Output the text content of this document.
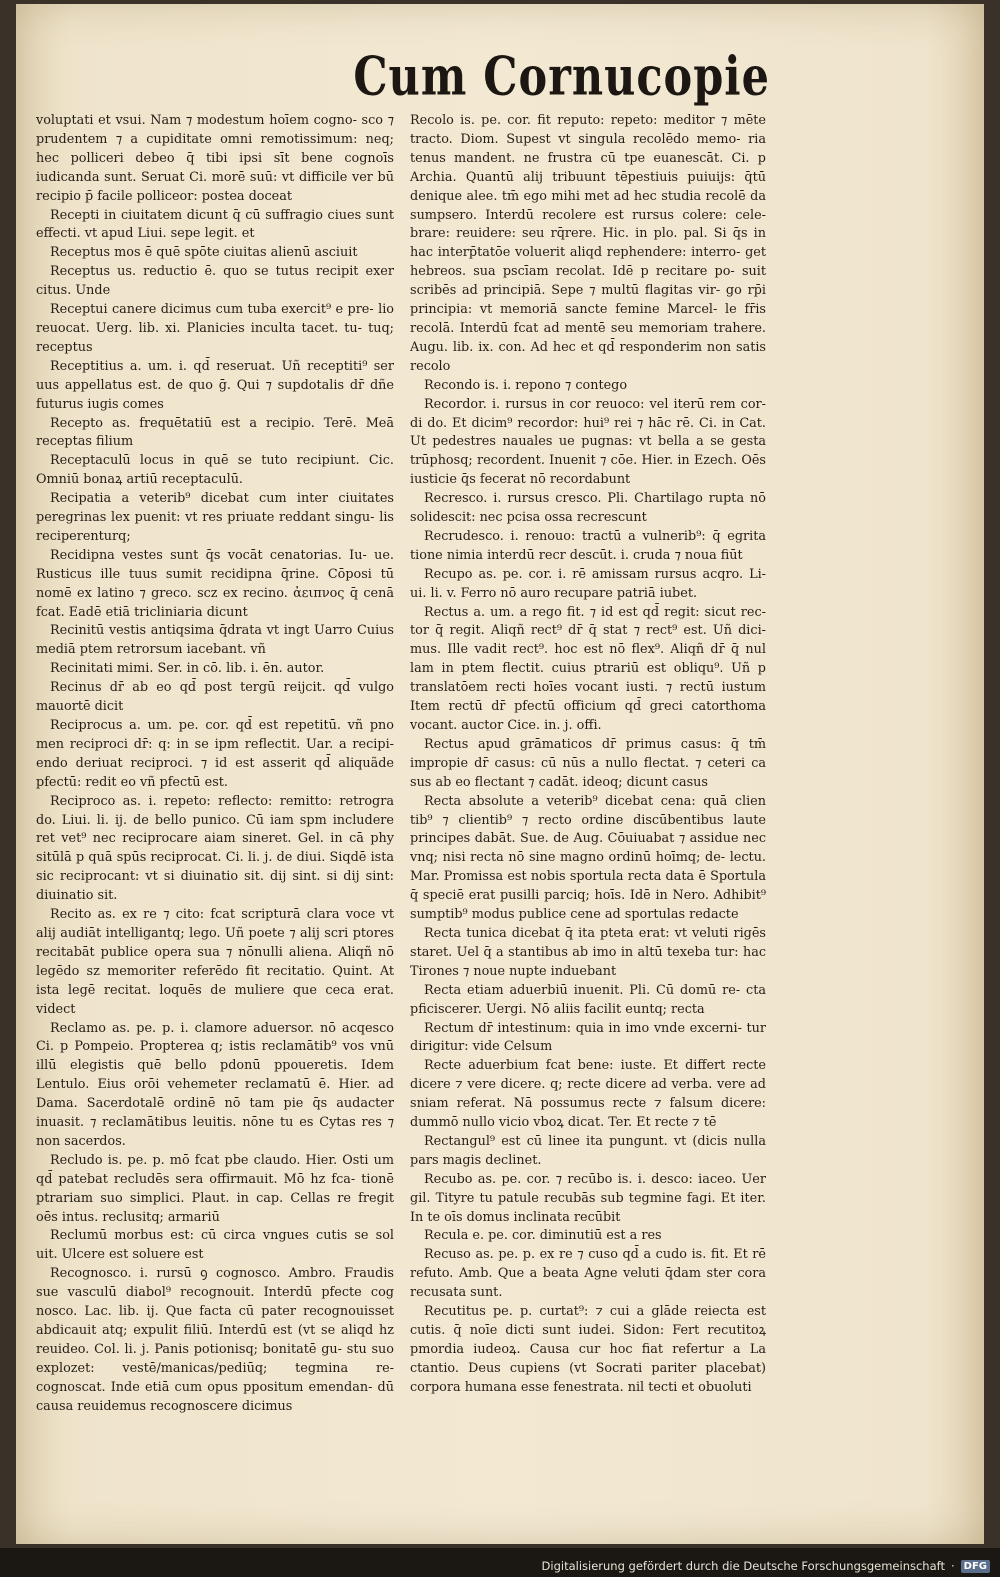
Cum Cornucopie

voluptati et vsui. Nam ⁊ modestum hoīem cogno‑ sco ⁊ prudentem ⁊ a cupiditate omni remotissimum: neq; hec polliceri debeo q̄ tibi ipsi sīt bene cognoīs iudicanda sunt. Seruat Ci. morē suū: vt difficile ver bū recipio p̄ facile polliceor: postea doceat

Recepti in ciuitatem dicunt q̄ cū suffragio ciues sunt effecti. vt apud Liui. sepe legit. et

Receptus mos ē quē spōte ciuitas alienū asciuit

Receptus us. reductio ē. quo se tutus recipit exer citus. Unde

Receptui canere dicimus cum tuba exercit⁹ e pre‑ lio reuocat. Uerg. lib. xi. Planicies inculta tacet. tu‑ tuq; receptus

Receptitius a. um. i. qd̄ reseruat. Uñ receptiti⁹ ser uus appellatus est. de quo ḡ. Qui ⁊ supdotalis dr̄ dñe futurus iugis comes

Recepto as. frequētatiū est a recipio. Terē. Meā receptas filium

Receptaculū locus in quē se tuto recipiunt. Cic. Omniū bonaꝝ artiū receptaculū.

Recipatia a veterib⁹ dicebat cum inter ciuitates peregrinas lex puenit: vt res priuate reddant singu‑ lis reciperenturq;

Recidipna vestes sunt q̄s vocāt cenatorias. Iu‑ ue. Rusticus ille tuus sumit recidipna q̄rine. Cōposi tū nomē ex latino ⁊ greco. scz ex recino. ἀειπνος q̄ cenā fcat. Eadē etiā tricliniaria dicunt

Recinitū vestis antiqsima q̄drata vt ingt Uarro Cuius mediā ptem retrorsum iacebant. vñ

Recinitati mimi. Ser. in cō. lib. i. ēn. autor.

Recinus dr̄ ab eo qd̄ post tergū reijcit. qd̄ vulgo mauortē dicit

Reciprocus a. um. pe. cor. qd̄ est repetitū. vñ pno men reciproci dr̄: q: in se ipm reflectit. Uar. a recipi‑ endo deriuat reciproci. ⁊ id est asserit qd̄ aliquãde pfectū: redit eo vñ pfectū est.

Reciproco as. i. repeto: reflecto: remitto: retrogra do. Liui. li. ij. de bello punico. Cū iam spm includere ret vet⁹ nec reciprocare aiam sineret. Gel. in cā phy sitūlā p quā spūs reciprocat. Ci. li. j. de diui. Siqdē ista sic reciprocant: vt si diuinatio sit. dij sint. si dij sint: diuinatio sit.

Recito as. ex re ⁊ cito: fcat scripturā clara voce vt alij audiāt intelligantq; lego. Uñ poete ⁊ alij scri ptores recitabāt publice opera sua ⁊ nōnulli aliena. Aliqñ nō legēdo sz memoriter referēdo fit recitatio. Quint. At ista legē recitat. loquēs de muliere que ceca erat. videct

Reclamo as. pe. p. i. clamore aduersor. nō acqesco Ci. p Pompeio. Propterea q; istis reclamātib⁹ vos vnū illū elegistis quē bello pdonū ppoueretis. Idem Lentulo. Eius orōi vehemeter reclamatū ē. Hier. ad Dama. Sacerdotalē ordinē nō tam pie q̄s audacter inuasit. ⁊ reclamātibus leuitis. nōne tu es Cytas res ⁊ non sacerdos.

Recludo is. pe. p. mō fcat pbe claudo. Hier. Osti um qd̄ patebat recludēs sera offirmauit. Mō hz fca‑ tionē ptrariam suo simplici. Plaut. in cap. Cellas re fregit oēs intus. reclusitq; armariū

Reclumū morbus est: cū circa vngues cutis se sol uit. Ulcere est soluere est

Recognosco. i. rursū ꝯ cognosco. Ambro. Fraudis sue vasculū diabol⁹ recognouit. Interdū pfecte cog nosco. Lac. lib. ij. Que facta cū pater recognouisset abdicauit atq; expulit filiū. Interdū est (vt se aliqd hz reuideo. Col. li. j. Panis potionisq; bonitatē gu‑ stu suo explozet: vestē/manicas/pediūq; tegmina re‑ cognoscat. Inde etiā cum opus ppositum emendan‑ dū causa reuidemus recognoscere dicimus

Recolo is. pe. cor. fit reputo: repeto: meditor ⁊ mēte tracto. Diom. Supest vt singula recolēdo memo‑ ria tenus mandent. ne frustra cū tpe euanescāt. Ci. p Archia. Quantū alij tribuunt tēpestiuis puiuijs: q̄tū denique alee. tm̄ ego mihi met ad hec studia recolē da sumpsero. Interdū recolere est rursus colere: cele‑ brare: reuidere: seu rq̄rere. Hic. in plo. pal. Si q̄s in hac interp̄tatōe voluerit aliqd rephendere: interro‑ get hebreos. sua pscīam recolat. Idē p recitare po‑ suit scribēs ad principiā. Sepe ⁊ multū flagitas vir‑ go rp̄i principia: vt memoriā sancte femine Marcel‑ le fr̄is recolā. Interdū fcat ad mentē seu memoriam trahere. Augu. lib. ix. con. Ad hec et qd̄ responderim non satis recolo

Recondo is. i. repono ⁊ contego

Recordor. i. rursus in cor reuoco: vel iterū rem cor‑ di do. Et dicim⁹ recordor: hui⁹ rei ⁊ hāc rē. Ci. in Cat. Ut pedestres nauales ue pugnas: vt bella a se gesta trūphosq; recordent. Inuenit ⁊ cōe. Hier. in Ezech. Oēs iusticie q̄s fecerat nō recordabunt

Recresco. i. rursus cresco. Pli. Chartilago rupta nō solidescit: nec pcisa ossa recrescunt

Recrudesco. i. renouo: tractū a vulnerib⁹: q̄ egrita tione nimia interdū recr descūt. i. cruda ⁊ noua fiūt

Recupo as. pe. cor. i. rē amissam rursus acqro. Li‑ ui. li. v. Ferro nō auro recupare patriā iubet.

Rectus a. um. a rego fit. ⁊ id est qd̄ regit: sicut rec‑ tor q̄ regit. Aliqñ rect⁹ dr̄ q̄ stat ⁊ rect⁹ est. Uñ dici‑ mus. Ille vadit rect⁹. hoc est nō flex⁹. Aliqñ dr̄ q̄ nul lam in ptem flectit. cuius ptrariū est obliqu⁹. Uñ p translatōem recti hoīes vocant iusti. ⁊ rectū iustum Item rectū dr̄ pfectū officium qd̄ greci catorthoma vocant. auctor Cice. in. j. offi.

Rectus apud grāmaticos dr̄ primus casus: q̄ tm̄ impropie dr̄ casus: cū nūs a nullo flectat. ⁊ ceteri ca sus ab eo flectant ⁊ cadāt. ideoq; dicunt casus

Recta absolute a veterib⁹ dicebat cena: quā clien tib⁹ ⁊ clientib⁹ ⁊ recto ordine discūbentibus laute principes dabāt. Sue. de Aug. Cōuiuabat ⁊ assidue nec vnq; nisi recta nō sine magno ordinū hoīmq; de‑ lectu. Mar. Promissa est nobis sportula recta data ē Sportula q̄ speciē erat pusilli parciq; hoīs. Idē in Nero. Adhibit⁹ sumptib⁹ modus publice cene ad sportulas redacte

Recta tunica dicebat q̄ ita pteta erat: vt veluti rigēs staret. Uel q̄ a stantibus ab imo in altū texeba tur: hac Tirones ⁊ noue nupte induebant

Recta etiam aduerbiū inuenit. Pli. Cū domū re‑ cta pficiscerer. Uergi. Nō aliis facilit euntq; recta

Rectum dr̄ intestinum: quia in imo vnde excerni‑ tur dirigitur: vide Celsum

Recte aduerbium fcat bene: iuste. Et differt recte dicere ⁊ vere dicere. q; recte dicere ad verba. vere ad sniam referat. Nā possumus recte ⁊ falsum dicere: dummō nullo vicio vboꝝ dicat. Ter. Et recte ⁊ tē

Rectangul⁹ est cū linee ita pungunt. vt (dicis nulla pars magis declinet.

Recubo as. pe. cor. ⁊ recūbo is. i. desco: iaceo. Uer gil. Tityre tu patule recubās sub tegmine fagi. Et iter. In te oīs domus inclinata recūbit

Recula e. pe. cor. diminutiū est a res

Recuso as. pe. p. ex re ⁊ cuso qd̄ a cudo is. fit. Et rē refuto. Amb. Que a beata Agne veluti q̄dam ster cora recusata sunt.

Recutitus pe. p. curtat⁹: ⁊ cui a glāde reiecta est cutis. q̄ noīe dicti sunt iudei. Sidon: Fert recutitoꝝ pmordia iudeoꝝ. Causa cur hoc fiat refertur a La ctantio. Deus cupiens (vt Socrati pariter placebat) corpora humana esse fenestrata. nil tecti et obuoluti

Digitalisierung gefördert durch die Deutsche Forschungsgemeinschaft · DFG
